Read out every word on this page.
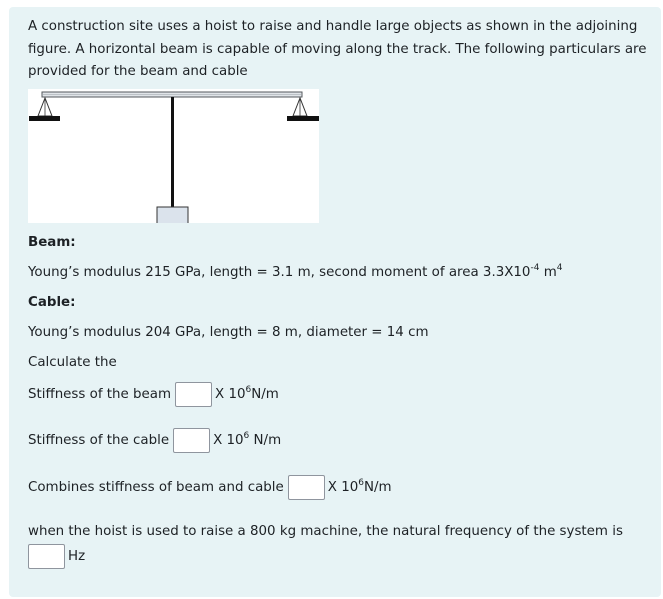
A construction site uses a hoist to raise and handle large objects as shown in the adjoining figure. A horizontal beam is capable of moving along the track. The following particulars are provided for the beam and cable

Beam:

Young’s modulus 215 GPa, length = 3.1 m, second moment of area $3.3X10^{-4}$ $m^4$

Cable:

Young’s modulus 204 GPa, length = 8 m, diameter = 14 cm

Calculate the

Stiffness of the beam	X $10^6N/m$
Stiffness of the cable	X $10^6$ N/m
Combines stiffness of beam and cable	X $10^6N/m$

when the hoist is used to raise a 800 kg machine, the natural frequency of the system is

Hz
